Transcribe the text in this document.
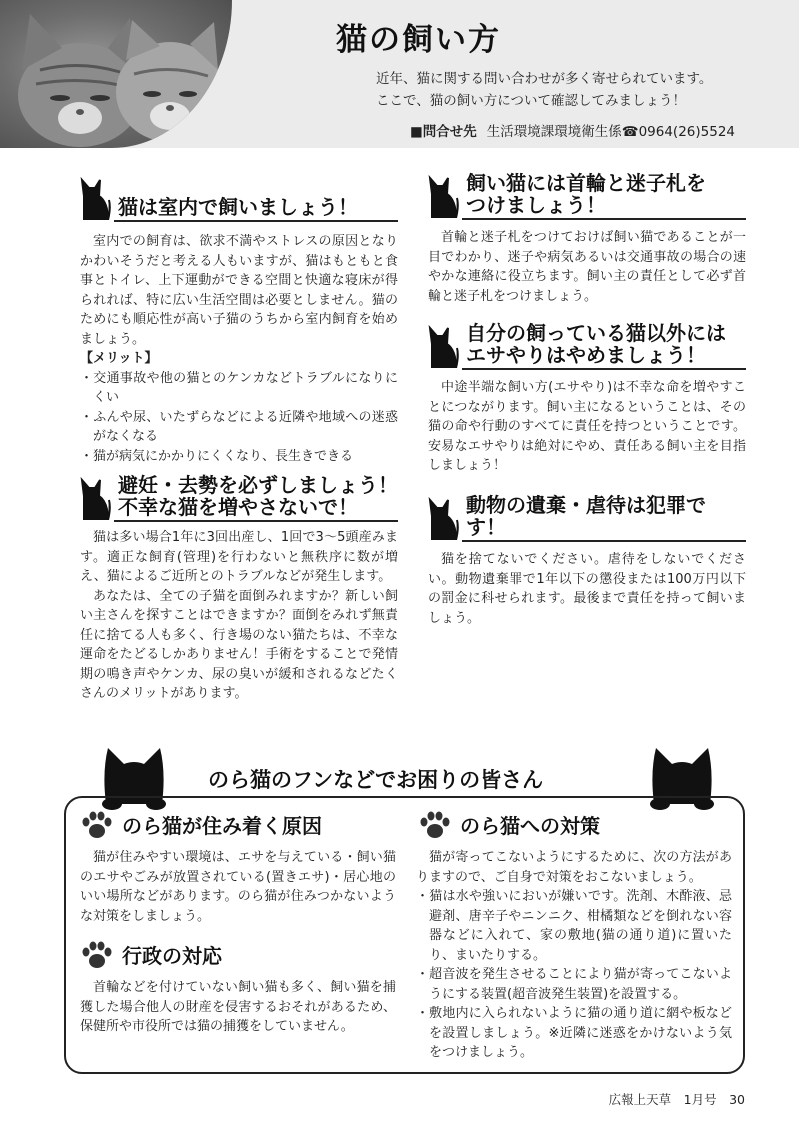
猫の飼い方
近年、猫に関する問い合わせが多く寄せられています。
ここで、猫の飼い方について確認してみましょう！
■問合せ先 生活環境課環境衛生係☎0964(26)5524
猫は室内で飼いましょう！

室内での飼育は、欲求不満やストレスの原因となりかわいそうだと考える人もいますが、猫はもともと食事とトイレ、上下運動ができる空間と快適な寝床が得られれば、特に広い生活空間は必要としません。猫のためにも順応性が高い子猫のうちから室内飼育を始めましょう。

【メリット】
・交通事故や他の猫とのケンカなどトラブルになりにくい
・ふんや尿、いたずらなどによる近隣や地域への迷惑がなくなる
・猫が病気にかかりにくくなり、長生きできる
避妊・去勢を必ずしましょう！
不幸な猫を増やさないで！

猫は多い場合1年に3回出産し、1回で3～5頭産みます。適正な飼育(管理)を行わないと無秩序に数が増え、猫によるご近所とのトラブルなどが発生します。

あなたは、全ての子猫を面倒みれますか？新しい飼い主さんを探すことはできますか？面倒をみれず無責任に捨てる人も多く、行き場のない猫たちは、不幸な運命をたどるしかありません！手術をすることで発情期の鳴き声やケンカ、尿の臭いが緩和されるなどたくさんのメリットがあります。

飼い猫には首輪と迷子札を
つけましょう！

首輪と迷子札をつけておけば飼い猫であることが一目でわかり、迷子や病気あるいは交通事故の場合の速やかな連絡に役立ちます。飼い主の責任として必ず首輪と迷子札をつけましょう。

自分の飼っている猫以外には
エサやりはやめましょう！

中途半端な飼い方(エサやり)は不幸な命を増やすことにつながります。飼い主になるということは、その猫の命や行動のすべてに責任を持つということです。安易なエサやりは絶対にやめ、責任ある飼い主を目指しましょう！

動物の遺棄・虐待は犯罪で
す！

猫を捨てないでください。虐待をしないでください。動物遺棄罪で1年以下の懲役または100万円以下の罰金に科せられます。最後まで責任を持って飼いましょう。

のら猫のフンなどでお困りの皆さん
のら猫が住み着く原因

猫が住みやすい環境は、エサを与えている・飼い猫のエサやごみが放置されている(置きエサ)・居心地のいい場所などがあります。のら猫が住みつかないような対策をしましょう。

行政の対応

首輪などを付けていない飼い猫も多く、飼い猫を捕獲した場合他人の財産を侵害するおそれがあるため、保健所や市役所では猫の捕獲をしていません。

のら猫への対策

猫が寄ってこないようにするために、次の方法がありますので、ご自身で対策をおこないましょう。

・猫は水や強いにおいが嫌いです。洗剤、木酢液、忌避剤、唐辛子やニンニク、柑橘類などを倒れない容器などに入れて、家の敷地(猫の通り道)に置いたり、まいたりする。
・超音波を発生させることにより猫が寄ってこないようにする装置(超音波発生装置)を設置する。
・敷地内に入られないように猫の通り道に網や板などを設置しましょう。※近隣に迷惑をかけないよう気をつけましょう。
広報上天草　1月号　30
